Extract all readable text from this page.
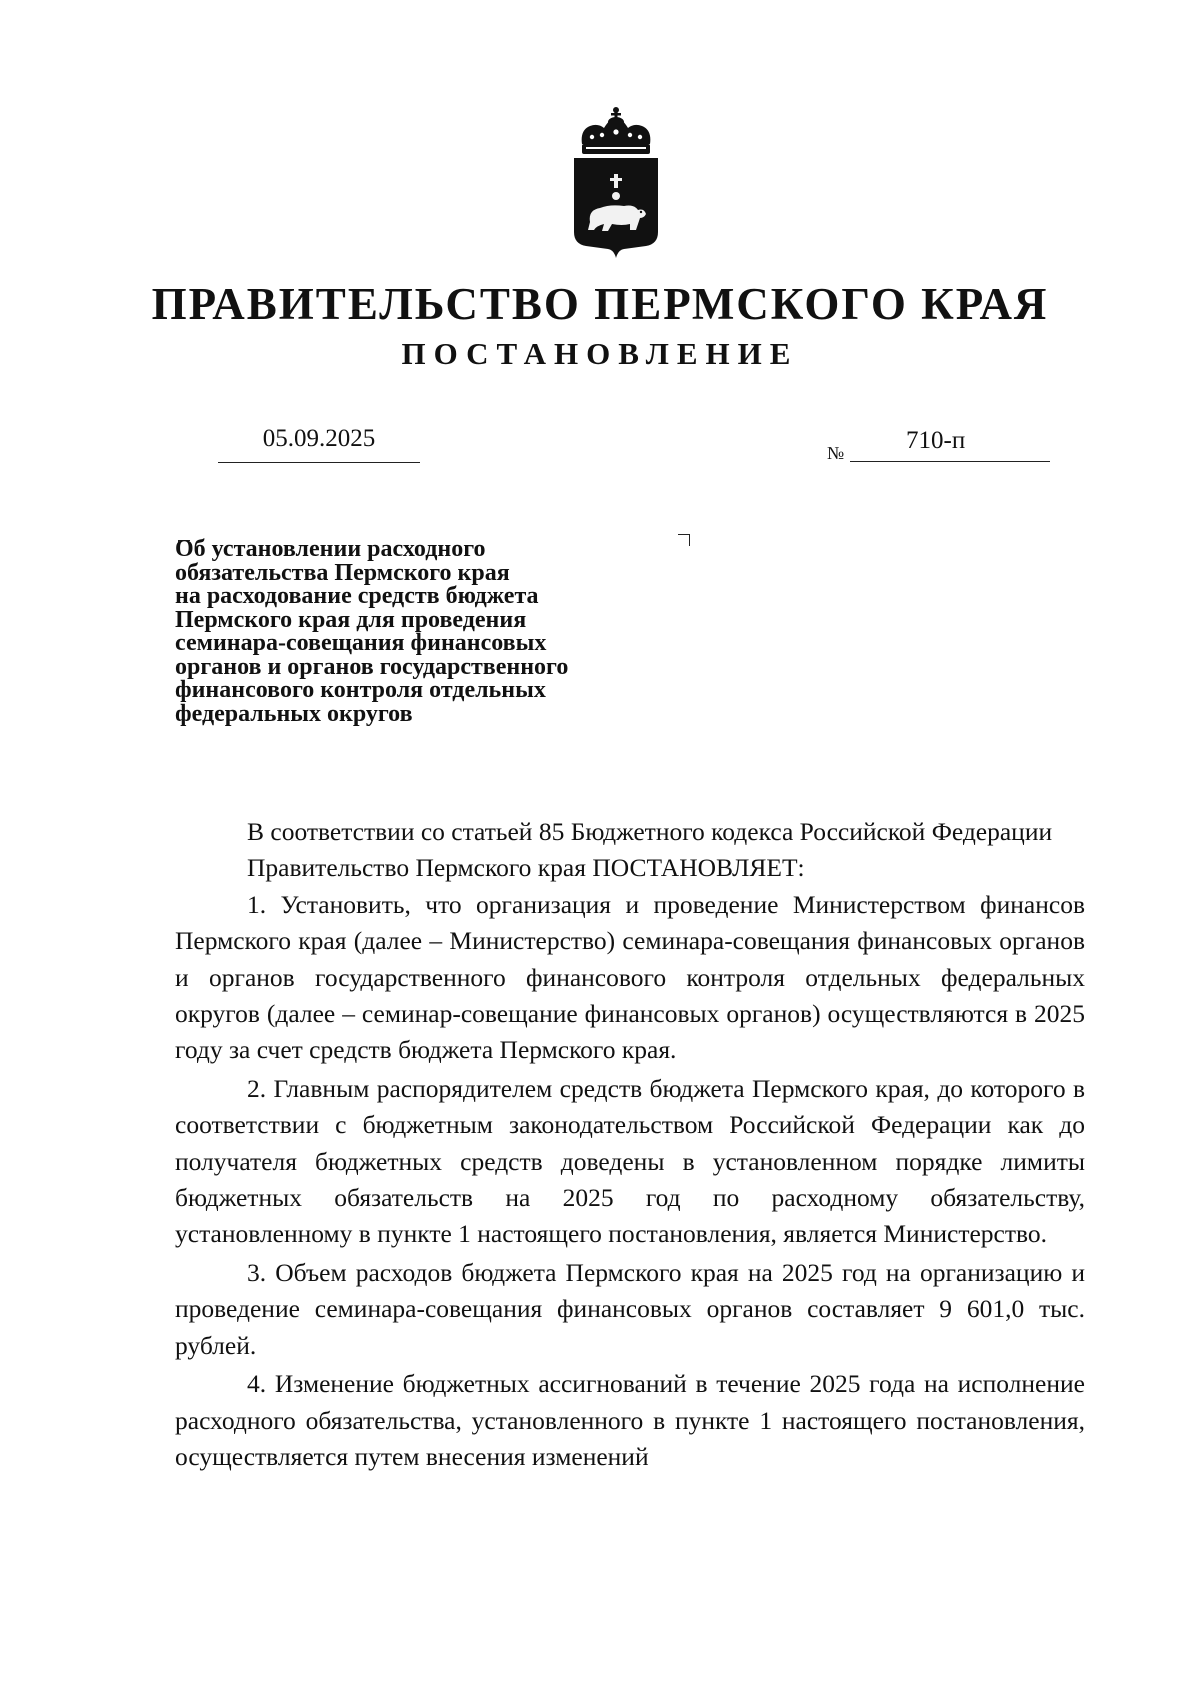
ПРАВИТЕЛЬСТВО ПЕРМСКОГО КРАЯ
ПОСТАНОВЛЕНИЕ
05.09.2025
№	710-п
Об установлении расходного
обязательства Пермского края
на расходование средств бюджета
Пермского края для проведения
семинара-совещания финансовых
органов и органов государственного
финансового контроля отдельных
федеральных округов

В соответствии со статьей 85 Бюджетного кодекса Российской Федерации

Правительство Пермского края ПОСТАНОВЛЯЕТ:

1. Установить, что организация и проведение Министерством финансов Пермского края (далее – Министерство) семинара-совещания финансовых органов и органов государственного финансового контроля отдельных федеральных округов (далее – семинар-совещание финансовых органов) осуществляются в 2025 году за счет средств бюджета Пермского края.

2. Главным распорядителем средств бюджета Пермского края, до которого в соответствии с бюджетным законодательством Российской Федерации как до получателя бюджетных средств доведены в установленном порядке лимиты бюджетных обязательств на 2025 год по расходному обязательству, установленному в пункте 1 настоящего постановления, является Министерство.

3. Объем расходов бюджета Пермского края на 2025 год на организацию и проведение семинара-совещания финансовых органов составляет 9 601,0 тыс. рублей.

4. Изменение бюджетных ассигнований в течение 2025 года на исполнение расходного обязательства, установленного в пункте 1 настоящего постановления, осуществляется путем внесения изменений
